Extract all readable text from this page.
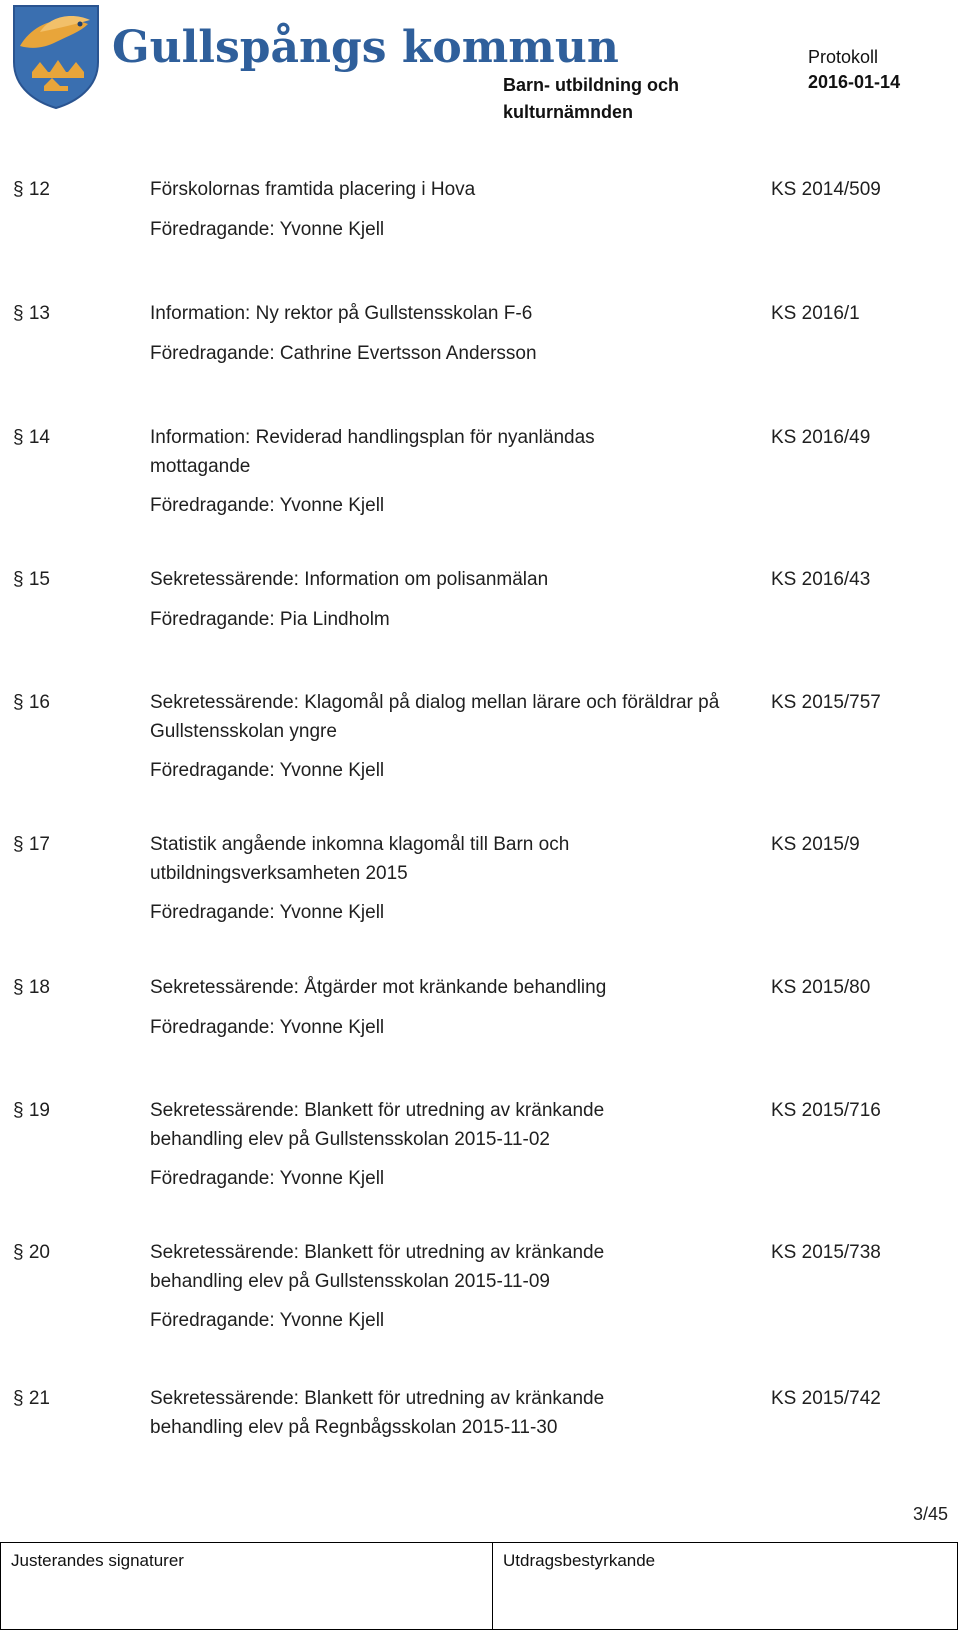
Gullspångs kommun
Barn- utbildning och kulturnämnden
Protokoll
2016-01-14
§ 12	Förskolornas framtida placering i Hova
Föredragande: Yvonne Kjell
KS 2014/509
§ 13	Information: Ny rektor på Gullstensskolan F-6
Föredragande: Cathrine Evertsson Andersson
KS 2016/1
§ 14	Information: Reviderad handlingsplan för nyanländas mottagande
Föredragande: Yvonne Kjell
KS 2016/49
§ 15	Sekretessärende: Information om polisanmälan
Föredragande: Pia Lindholm
KS 2016/43
§ 16	Sekretessärende: Klagomål på dialog mellan lärare och föräldrar på Gullstensskolan yngre
Föredragande: Yvonne Kjell
KS 2015/757
§ 17	Statistik angående inkomna klagomål till Barn och utbildningsverksamheten 2015
Föredragande: Yvonne Kjell
KS 2015/9
§ 18	Sekretessärende: Åtgärder mot kränkande behandling
Föredragande: Yvonne Kjell
KS 2015/80
§ 19	Sekretessärende: Blankett för utredning av kränkande behandling elev på Gullstensskolan 2015-11-02
Föredragande: Yvonne Kjell
KS 2015/716
§ 20	Sekretessärende: Blankett för utredning av kränkande behandling elev på Gullstensskolan 2015-11-09
Föredragande: Yvonne Kjell
KS 2015/738
§ 21	Sekretessärende: Blankett för utredning av kränkande behandling elev på Regnbågsskolan 2015-11-30
KS 2015/742
3/45
Justerandes signaturer	Utdragsbestyrkande
